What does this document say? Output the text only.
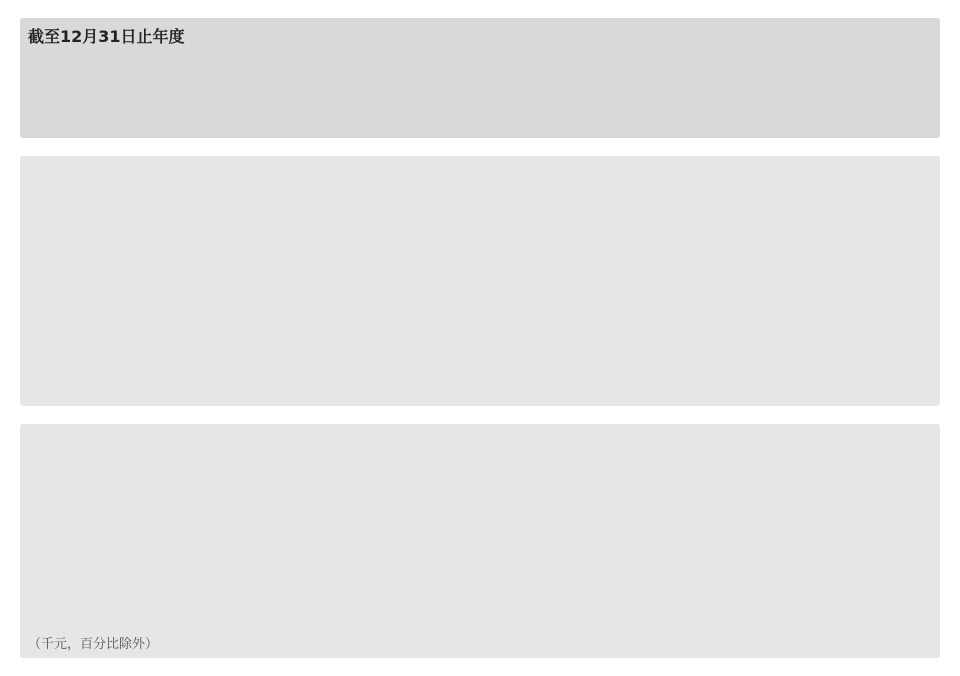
截至12月31日止年度
（千元，百分比除外）
